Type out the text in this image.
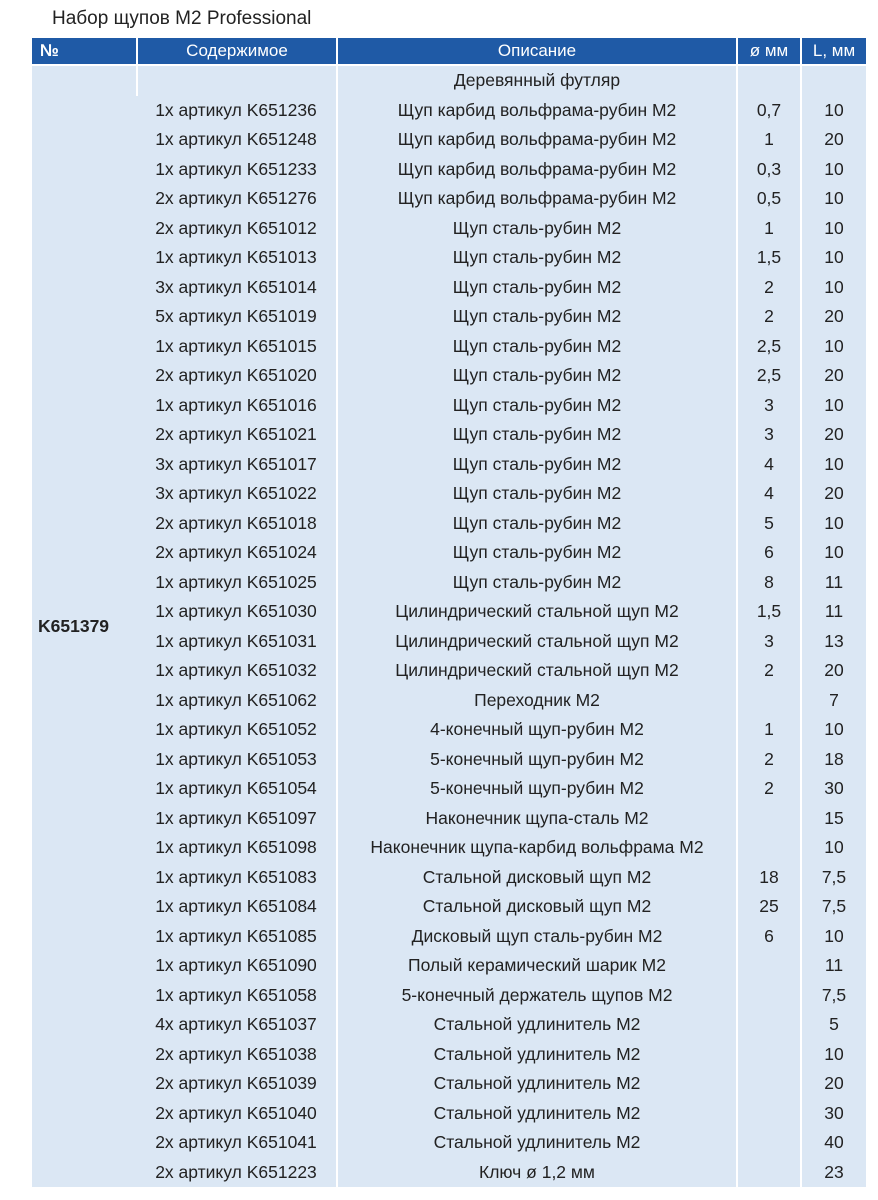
Набор щупов M2 Professional
№	Содержимое	Описание	ø мм	L, мм
K651379		Деревянный футляр		
	1x артикул K651236	Щуп карбид вольфрама-рубин M2	0,7	10
	1x артикул K651248	Щуп карбид вольфрама-рубин M2	1	20
	1x артикул K651233	Щуп карбид вольфрама-рубин M2	0,3	10
	2x артикул K651276	Щуп карбид вольфрама-рубин M2	0,5	10
	2x артикул K651012	Щуп сталь-рубин M2	1	10
	1x артикул K651013	Щуп сталь-рубин M2	1,5	10
	3x артикул K651014	Щуп сталь-рубин M2	2	10
	5x артикул K651019	Щуп сталь-рубин M2	2	20
	1x артикул K651015	Щуп сталь-рубин M2	2,5	10
	2x артикул K651020	Щуп сталь-рубин M2	2,5	20
	1x артикул K651016	Щуп сталь-рубин M2	3	10
	2x артикул K651021	Щуп сталь-рубин M2	3	20
	3x артикул K651017	Щуп сталь-рубин M2	4	10
	3x артикул K651022	Щуп сталь-рубин M2	4	20
	2x артикул K651018	Щуп сталь-рубин M2	5	10
	2x артикул K651024	Щуп сталь-рубин M2	6	10
	1x артикул K651025	Щуп сталь-рубин M2	8	11
	1x артикул K651030	Цилиндрический стальной щуп M2	1,5	11
	1x артикул K651031	Цилиндрический стальной щуп M2	3	13
	1x артикул K651032	Цилиндрический стальной щуп M2	2	20
	1x артикул K651062	Переходник M2		7
	1x артикул K651052	4-конечный щуп-рубин M2	1	10
	1x артикул K651053	5-конечный щуп-рубин M2	2	18
	1x артикул K651054	5-конечный щуп-рубин M2	2	30
	1x артикул K651097	Наконечник щупа-сталь M2		15
	1x артикул K651098	Наконечник щупа-карбид вольфрама M2		10
	1x артикул K651083	Стальной дисковый щуп M2	18	7,5
	1x артикул K651084	Стальной дисковый щуп M2	25	7,5
	1x артикул K651085	Дисковый щуп сталь-рубин M2	6	10
	1x артикул K651090	Полый керамический шарик M2		11
	1x артикул K651058	5-конечный держатель щупов M2		7,5
	4x артикул K651037	Стальной удлинитель M2		5
	2x артикул K651038	Стальной удлинитель M2		10
	2x артикул K651039	Стальной удлинитель M2		20
	2x артикул K651040	Стальной удлинитель M2		30
	2x артикул K651041	Стальной удлинитель M2		40
	2x артикул K651223	Ключ ø 1,2 мм		23
